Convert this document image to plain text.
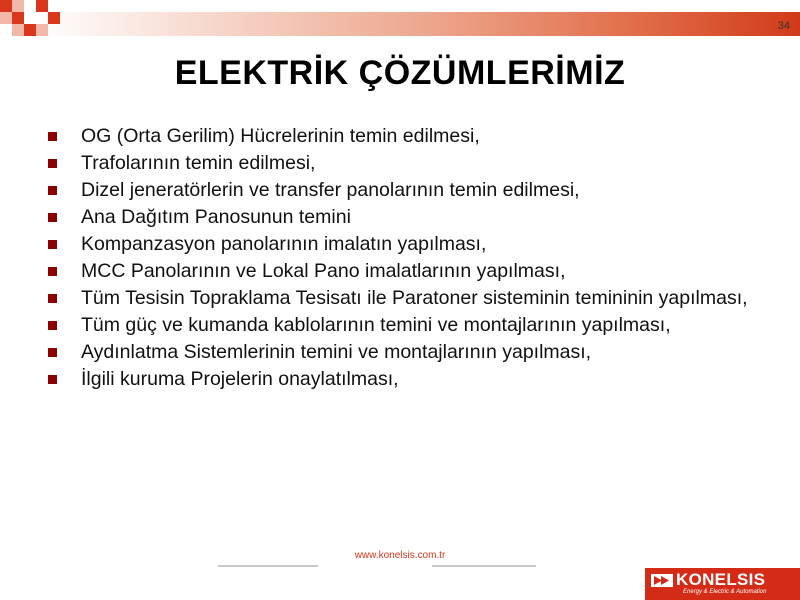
34
ELEKTRİK ÇÖZÜMLERİMİZ
OG (Orta Gerilim) Hücrelerinin temin edilmesi,
Trafolarının temin edilmesi,
Dizel jeneratörlerin ve transfer panolarının temin edilmesi,
Ana Dağıtım Panosunun temini
Kompanzasyon panolarının imalatın yapılması,
MCC Panolarının ve Lokal Pano imalatlarının yapılması,
Tüm Tesisin Topraklama Tesisatı ile Paratoner sisteminin temininin yapılması,
Tüm güç ve kumanda kablolarının temini ve montajlarının yapılması,
Aydınlatma Sistemlerinin temini ve montajlarının yapılması,
İlgili kuruma Projelerin onaylatılması,
www.konelsis.com.tr
KONELSIS
Energy & Electric & Automation
